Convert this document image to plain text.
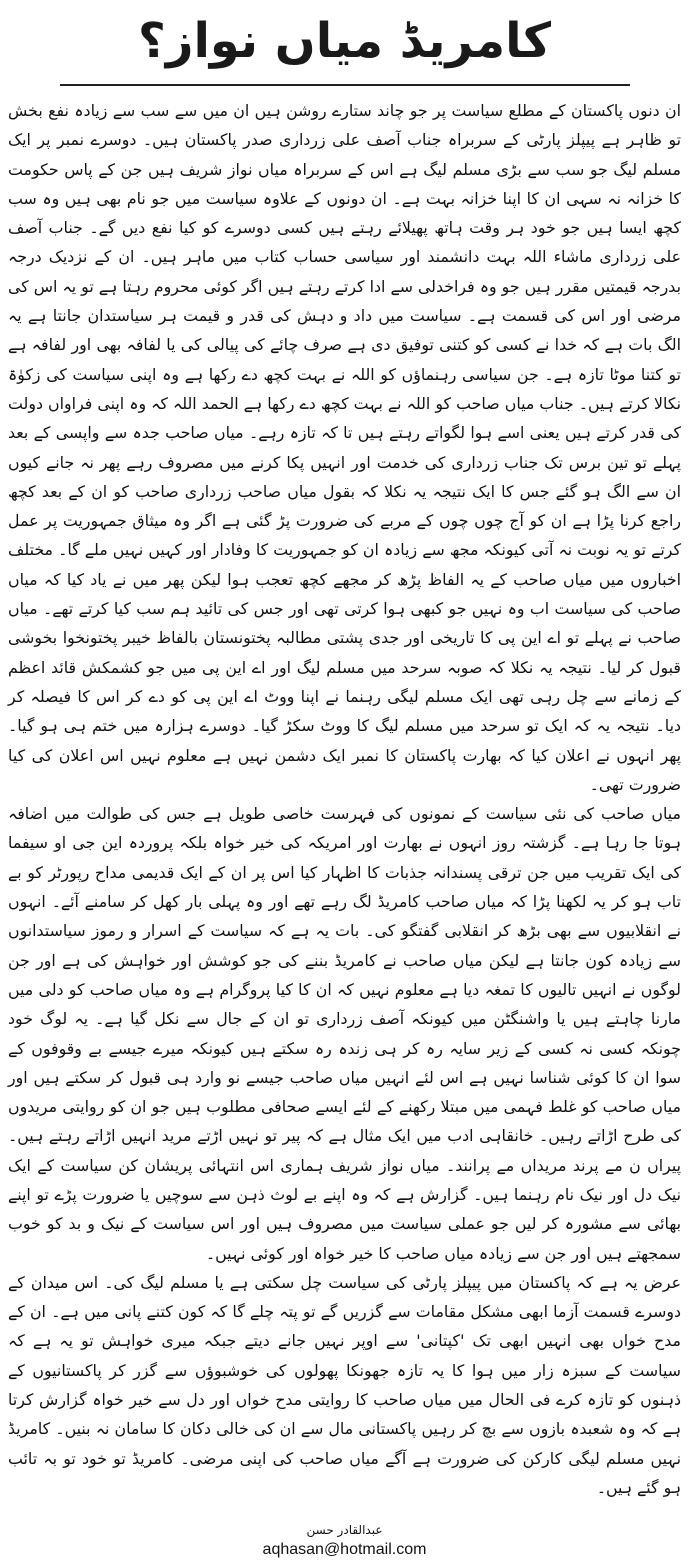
کامریڈ میاں نواز؟

ان دنوں پاکستان کے مطلع سیاست پر جو چاند ستارے روشن ہیں ان میں سے سب سے زیادہ نفع بخش تو ظاہر ہے پیپلز پارٹی کے سربراہ جناب آصف علی زرداری صدر پاکستان ہیں۔ دوسرے نمبر پر ایک مسلم لیگ جو سب سے بڑی مسلم لیگ ہے اس کے سربراہ میاں نواز شریف ہیں جن کے پاس حکومت کا خزانہ نہ سہی ان کا اپنا خزانہ بہت ہے۔ ان دونوں کے علاوہ سیاست میں جو نام بھی ہیں وہ سب کچھ ایسا ہیں جو خود ہر وقت ہاتھ پھیلائے رہتے ہیں کسی دوسرے کو کیا نفع دیں گے۔ جناب آصف علی زرداری ماشاء اللہ بہت دانشمند اور سیاسی حساب کتاب میں ماہر ہیں۔ ان کے نزدیک درجہ بدرجہ قیمتیں مقرر ہیں جو وہ فراخدلی سے ادا کرتے رہتے ہیں اگر کوئی محروم رہتا ہے تو یہ اس کی مرضی اور اس کی قسمت ہے۔ سیاست میں داد و دہش کی قدر و قیمت ہر سیاستدان جانتا ہے یہ الگ بات ہے کہ خدا نے کسی کو کتنی توفیق دی ہے صرف چائے کی پیالی کی یا لفافہ بھی اور لفافہ ہے تو کتنا موٹا تازہ ہے۔ جن سیاسی رہنماؤں کو اللہ نے بہت کچھ دے رکھا ہے وہ اپنی سیاست کی زکوٰۃ نکالا کرتے ہیں۔ جناب میاں صاحب کو اللہ نے بہت کچھ دے رکھا ہے الحمد اللہ کہ وہ اپنی فراواں دولت کی قدر کرتے ہیں یعنی اسے ہوا لگواتے رہتے ہیں تا کہ تازہ رہے۔ میاں صاحب جدہ سے واپسی کے بعد پہلے تو تین برس تک جناب زرداری کی خدمت اور انہیں پکا کرنے میں مصروف رہے پھر نہ جانے کیوں ان سے الگ ہو گئے جس کا ایک نتیجہ یہ نکلا کہ بقول میاں صاحب زرداری صاحب کو ان کے بعد کچھ راجع کرنا پڑا ہے ان کو آج چوں چوں کے مربے کی ضرورت پڑ گئی ہے اگر وہ میثاق جمہوریت پر عمل کرتے تو یہ نوبت نہ آتی کیونکہ مجھ سے زیادہ ان کو جمہوریت کا وفادار اور کہیں نہیں ملے گا۔ مختلف اخباروں میں میاں صاحب کے یہ الفاظ پڑھ کر مجھے کچھ تعجب ہوا لیکن پھر میں نے یاد کیا کہ میاں صاحب کی سیاست اب وہ نہیں جو کبھی ہوا کرتی تھی اور جس کی تائید ہم سب کیا کرتے تھے۔ میاں صاحب نے پہلے تو اے این پی کا تاریخی اور جدی پشتی مطالبہ پختونستان بالفاظ خیبر پختونخوا بخوشی قبول کر لیا۔ نتیجہ یہ نکلا کہ صوبہ سرحد میں مسلم لیگ اور اے این پی میں جو کشمکش قائد اعظم کے زمانے سے چل رہی تھی ایک مسلم لیگی رہنما نے اپنا ووٹ اے این پی کو دے کر اس کا فیصلہ کر دیا۔ نتیجہ یہ کہ ایک تو سرحد میں مسلم لیگ کا ووٹ سکڑ گیا۔ دوسرے ہزارہ میں ختم ہی ہو گیا۔ پھر انہوں نے اعلان کیا کہ بھارت پاکستان کا نمبر ایک دشمن نہیں ہے معلوم نہیں اس اعلان کی کیا ضرورت تھی۔

میاں صاحب کی نئی سیاست کے نمونوں کی فہرست خاصی طویل ہے جس کی طوالت میں اضافہ ہوتا جا رہا ہے۔ گزشتہ روز انہوں نے بھارت اور امریکہ کی خیر خواہ بلکہ پروردہ این جی او سیفما کی ایک تقریب میں جن ترقی پسندانہ جذبات کا اظہار کیا اس پر ان کے ایک قدیمی مداح رپورٹر کو بے تاب ہو کر یہ لکھنا پڑا کہ میاں صاحب کامریڈ لگ رہے تھے اور وہ پہلی بار کھل کر سامنے آئے۔ انہوں نے انقلابیوں سے بھی بڑھ کر انقلابی گفتگو کی۔ بات یہ ہے کہ سیاست کے اسرار و رموز سیاستدانوں سے زیادہ کون جانتا ہے لیکن میاں صاحب نے کامریڈ بننے کی جو کوشش اور خواہش کی ہے اور جن لوگوں نے انہیں تالیوں کا تمغہ دیا ہے معلوم نہیں کہ ان کا کیا پروگرام ہے وہ میاں صاحب کو دلی میں مارنا چاہتے ہیں یا واشنگٹن میں کیونکہ آصف زرداری تو ان کے جال سے نکل گیا ہے۔ یہ لوگ خود چونکہ کسی نہ کسی کے زیر سایہ رہ کر ہی زندہ رہ سکتے ہیں کیونکہ میرے جیسے بے وقوفوں کے سوا ان کا کوئی شناسا نہیں ہے اس لئے انہیں میاں صاحب جیسے نو وارد ہی قبول کر سکتے ہیں اور میاں صاحب کو غلط فہمی میں مبتلا رکھنے کے لئے ایسے صحافی مطلوب ہیں جو ان کو روایتی مریدوں کی طرح اڑاتے رہیں۔ خانقاہی ادب میں ایک مثال ہے کہ پیر تو نہیں اڑتے مرید انہیں اڑاتے رہتے ہیں۔ پیراں ن مے پرند مریداں مے پرانند۔ میاں نواز شریف ہماری اس انتہائی پریشان کن سیاست کے ایک نیک دل اور نیک نام رہنما ہیں۔ گزارش ہے کہ وہ اپنے بے لوث ذہن سے سوچیں یا ضرورت پڑے تو اپنے بھائی سے مشورہ کر لیں جو عملی سیاست میں مصروف ہیں اور اس سیاست کے نیک و بد کو خوب سمجھتے ہیں اور جن سے زیادہ میاں صاحب کا خیر خواہ اور کوئی نہیں۔

عرض یہ ہے کہ پاکستان میں پیپلز پارٹی کی سیاست چل سکتی ہے یا مسلم لیگ کی۔ اس میدان کے دوسرے قسمت آزما ابھی مشکل مقامات سے گزریں گے تو پتہ چلے گا کہ کون کتنے پانی میں ہے۔ ان کے مدح خواں بھی انہیں ابھی تک 'کپتانی' سے اوپر نہیں جانے دیتے جبکہ میری خواہش تو یہ ہے کہ سیاست کے سبزہ زار میں ہوا کا یہ تازہ جھونکا پھولوں کی خوشبوؤں سے گزر کر پاکستانیوں کے ذہنوں کو تازہ کرے فی الحال میں میاں صاحب کا روایتی مدح خواں اور دل سے خیر خواہ گزارش کرتا ہے کہ وہ شعبدہ بازوں سے بچ کر رہیں پاکستانی مال سے ان کی خالی دکان کا سامان نہ بنیں۔ کامریڈ نہیں مسلم لیگی کارکن کی ضرورت ہے آگے میاں صاحب کی اپنی مرضی۔ کامریڈ تو خود تو بہ تائب ہو گئے ہیں۔

عبدالقادر حسن
aqhasan@hotmail.com
